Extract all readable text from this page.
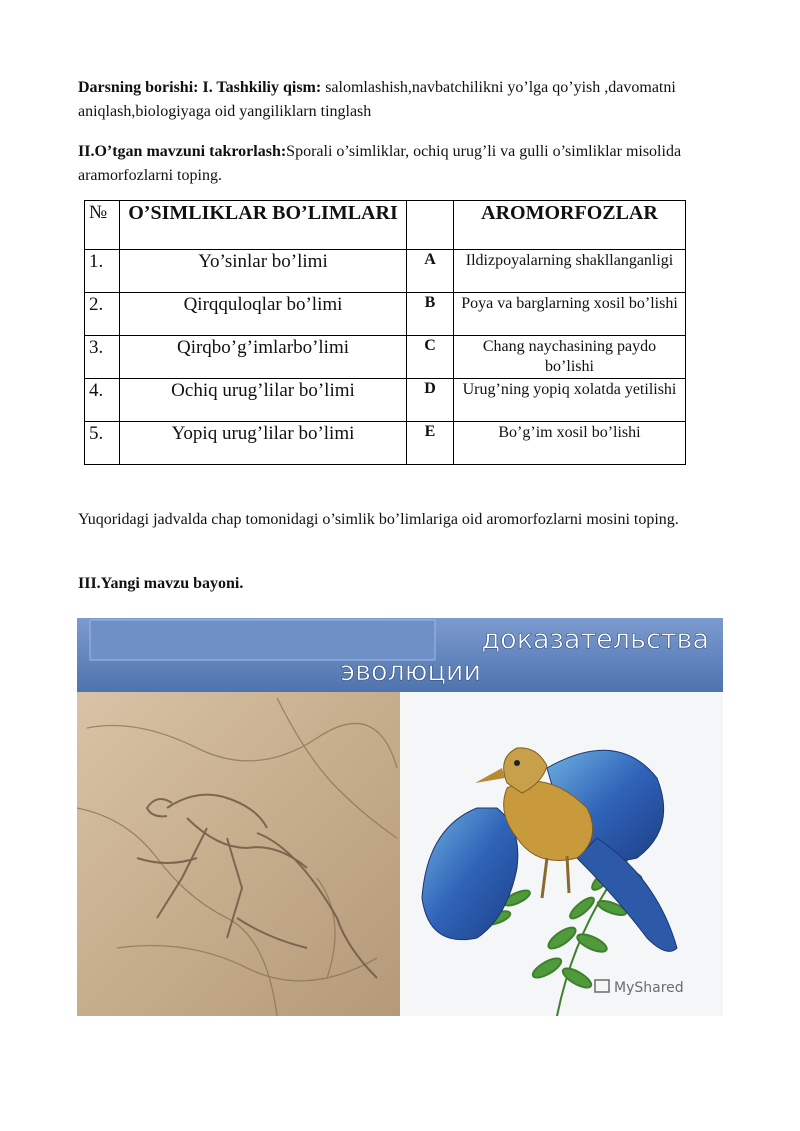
Darsning borishi: I. Tashkiliy qism: salomlashish,navbatchilikni yo’lga qo’yish ,davomatni aniqlash,biologiyaga oid yangiliklarn tinglash

II.O’tgan mavzuni takrorlash:Sporali o’simliklar, ochiq urug’li va gulli o’simliklar misolida aramorfozlarni toping.

№	O’SIMLIKLAR BO’LIMLARI		AROMORFOZLAR
1.	Yo’sinlar bo’limi	A	Ildizpoyalarning shakllanganligi
2.	Qirqquloqlar bo’limi	B	Poya va barglarning xosil bo’lishi
3.	Qirqbo’g’imlarbo’limi	C	Chang naychasining paydo bo’lishi
4.	Ochiq urug’lilar bo’limi	D	Urug’ning yopiq xolatda yetilishi
5.	Yopiq urug’lilar bo’limi	E	Bo’g’im xosil bo’lishi

Yuqoridagi jadvalda chap tomonidagi o’simlik bo’limlariga oid aromorfozlarni mosini toping.

III.Yangi mavzu bayoni.

доказательства
эволюции
MyShared
